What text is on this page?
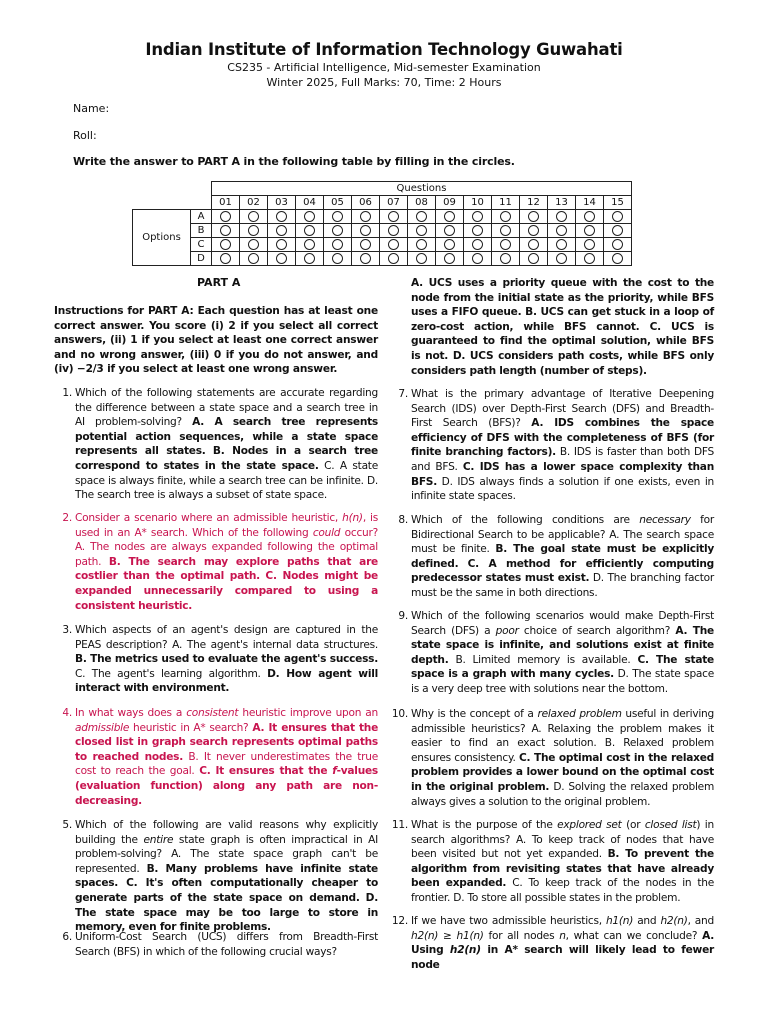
Indian Institute of Information Technology Guwahati
CS235 - Artificial Intelligence, Mid-semester Examination
Winter 2025, Full Marks: 70, Time: 2 Hours
Name:
Roll:
Write the answer to PART A in the following table by filling in the circles.
		Questions														
		01	02	03	04	05	06	07	08	09	10	11	12	13	14	15
Options	A															
	B															
	C															
	D															
PART A
Instructions for PART A: Each question has at least one correct answer. You score (i) 2 if you select all correct answers, (ii) 1 if you select at least one correct answer and no wrong answer, (iii) 0 if you do not answer, and (iv) −2/3 if you select at least one wrong answer.
A. UCS uses a priority queue with the cost to the node from the initial state as the priority, while BFS uses a FIFO queue. B. UCS can get stuck in a loop of zero-cost action, while BFS cannot. C. UCS is guaranteed to find the optimal solution, while BFS is not. D. UCS considers path costs, while BFS only considers path length (number of steps).
1. Which of the following statements are accurate regarding the difference between a state space and a search tree in AI problem-solving? A. A search tree represents potential action sequences, while a state space represents all states. B. Nodes in a search tree correspond to states in the state space. C. A state space is always finite, while a search tree can be infinite. D. The search tree is always a subset of state space.
2. Consider a scenario where an admissible heuristic, h(n), is used in an A* search. Which of the following could occur? A. The nodes are always expanded following the optimal path. B. The search may explore paths that are costlier than the optimal path. C. Nodes might be expanded unnecessarily compared to using a consistent heuristic.
3. Which aspects of an agent's design are captured in the PEAS description? A. The agent's internal data structures. B. The metrics used to evaluate the agent's success. C. The agent's learning algorithm. D. How agent will interact with environment.
4. In what ways does a consistent heuristic improve upon an admissible heuristic in A* search? A. It ensures that the closed list in graph search represents optimal paths to reached nodes. B. It never underestimates the true cost to reach the goal. C. It ensures that the f-values (evaluation function) along any path are non-decreasing.
5. Which of the following are valid reasons why explicitly building the entire state graph is often impractical in AI problem-solving? A. The state space graph can't be represented. B. Many problems have infinite state spaces. C. It's often computationally cheaper to generate parts of the state space on demand. D. The state space may be too large to store in memory, even for finite problems.
6. Uniform-Cost Search (UCS) differs from Breadth-First Search (BFS) in which of the following crucial ways?
7. What is the primary advantage of Iterative Deepening Search (IDS) over Depth-First Search (DFS) and Breadth-First Search (BFS)? A. IDS combines the space efficiency of DFS with the completeness of BFS (for finite branching factors). B. IDS is faster than both DFS and BFS. C. IDS has a lower space complexity than BFS. D. IDS always finds a solution if one exists, even in infinite state spaces.
8. Which of the following conditions are necessary for Bidirectional Search to be applicable? A. The search space must be finite. B. The goal state must be explicitly defined. C. A method for efficiently computing predecessor states must exist. D. The branching factor must be the same in both directions.
9. Which of the following scenarios would make Depth-First Search (DFS) a poor choice of search algorithm? A. The state space is infinite, and solutions exist at finite depth. B. Limited memory is available. C. The state space is a graph with many cycles. D. The state space is a very deep tree with solutions near the bottom.
10. Why is the concept of a relaxed problem useful in deriving admissible heuristics? A. Relaxing the problem makes it easier to find an exact solution. B. Relaxed problem ensures consistency. C. The optimal cost in the relaxed problem provides a lower bound on the optimal cost in the original problem. D. Solving the relaxed problem always gives a solution to the original problem.
11. What is the purpose of the explored set (or closed list) in search algorithms? A. To keep track of nodes that have been visited but not yet expanded. B. To prevent the algorithm from revisiting states that have already been expanded. C. To keep track of the nodes in the frontier. D. To store all possible states in the problem.
12. If we have two admissible heuristics, h1(n) and h2(n), and h2(n) ≥ h1(n) for all nodes n, what can we conclude? A. Using h2(n) in A* search will likely lead to fewer node
